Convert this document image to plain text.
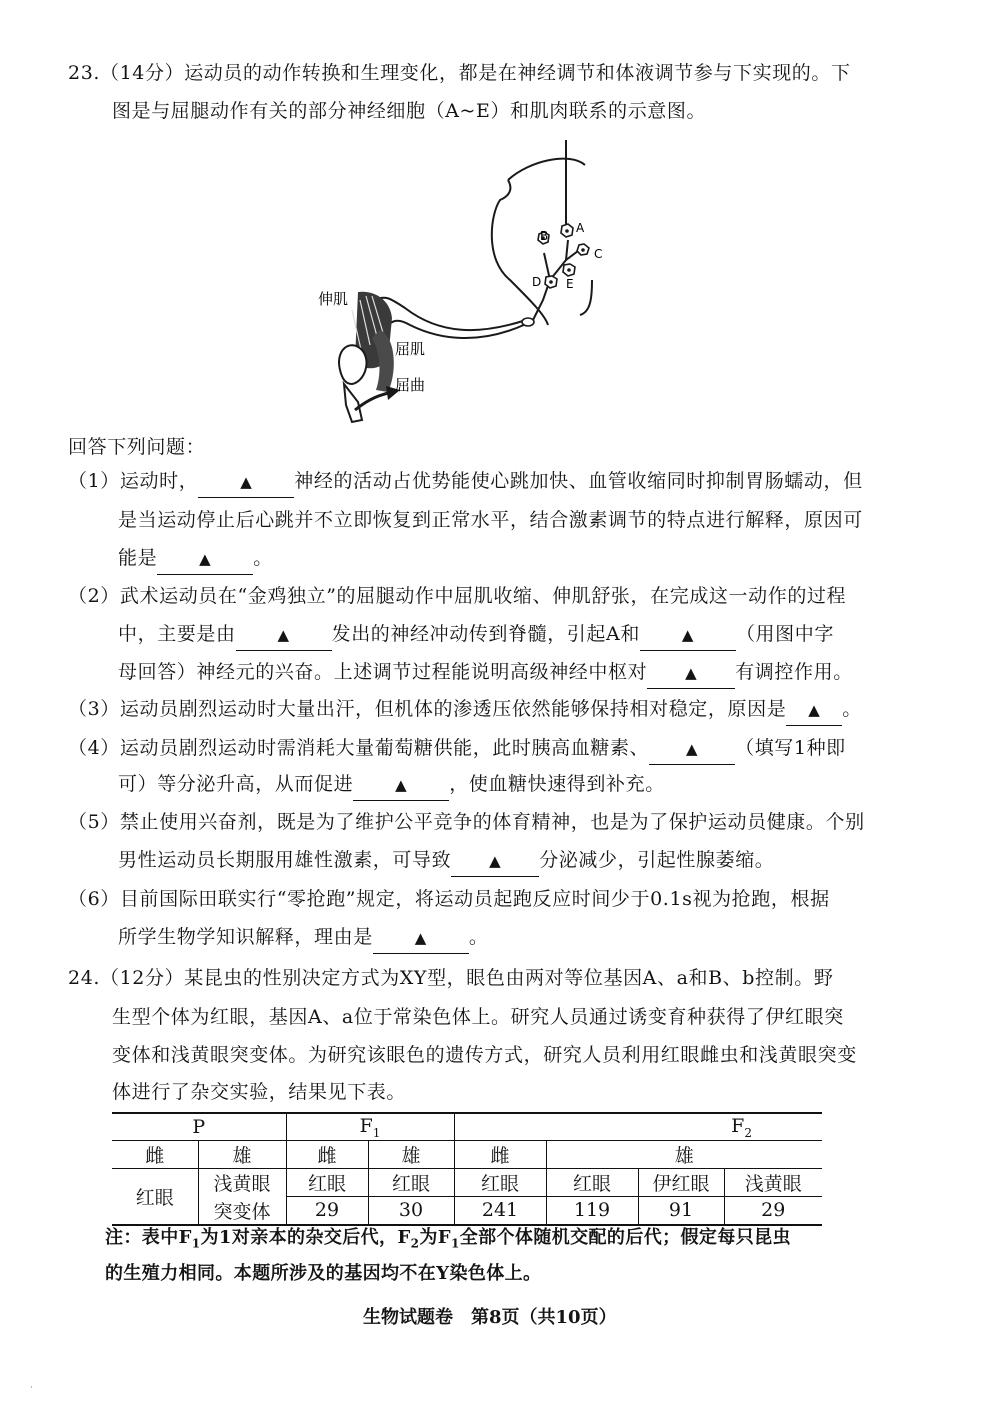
23.（14分）运动员的动作转换和生理变化，都是在神经调节和体液调节参与下实现的。下
图是与屈腿动作有关的部分神经细胞（A~E）和肌肉联系的示意图。
B
A
C
D E
伸肌
屈肌
屈曲
回答下列问题：
（1）运动时，	▲ 神经的活动占优势能使心跳加快、血管收缩同时抑制胃肠蠕动，但
是当运动停止后心跳并不立即恢复到正常水平，结合激素调节的特点进行解释，原因可
能是	▲ 。
（2）武术运动员在“金鸡独立”的屈腿动作中屈肌收缩、伸肌舒张，在完成这一动作的过程
中，主要是由	▲ 发出的神经冲动传到脊髓，引起A和	▲ （用图中字
母回答）神经元的兴奋。上述调节过程能说明高级神经中枢对	▲ 有调控作用。
（3）运动员剧烈运动时大量出汗，但机体的渗透压依然能够保持相对稳定，原因是 ▲ 。
（4）运动员剧烈运动时需消耗大量葡萄糖供能，此时胰高血糖素、 ▲ （填写1种即
可）等分泌升高，从而促进	▲ ，使血糖快速得到补充。
（5）禁止使用兴奋剂，既是为了维护公平竞争的体育精神，也是为了保护运动员健康。个别
男性运动员长期服用雄性激素，可导致	▲ 分泌减少，引起性腺萎缩。
（6）目前国际田联实行“零抢跑”规定，将运动员起跑反应时间少于0.1s视为抢跑，根据
所学生物学知识解释，理由是	▲ 。
24.（12分）某昆虫的性别决定方式为XY型，眼色由两对等位基因A、a和B、b控制。野
生型个体为红眼，基因A、a位于常染色体上。研究人员通过诱变育种获得了伊红眼突
变体和浅黄眼突变体。为研究该眼色的遗传方式，研究人员利用红眼雌虫和浅黄眼突变
体进行了杂交实验，结果见下表。
P		$F_1$		$F_2$
雌	雄	雌	雄	雌	雄		
红眼	浅黄眼	红眼	红眼	红眼	红眼	伊红眼	浅黄眼
	突变体	29	30	241	119	91	29
注：表中$F_1$为1对亲本的杂交后代，$F_2$为$F_1$全部个体随机交配的后代；假定每只昆虫
的生殖力相同。本题所涉及的基因均不在Y染色体上。
生物试题卷　第8页（共10页）
·
